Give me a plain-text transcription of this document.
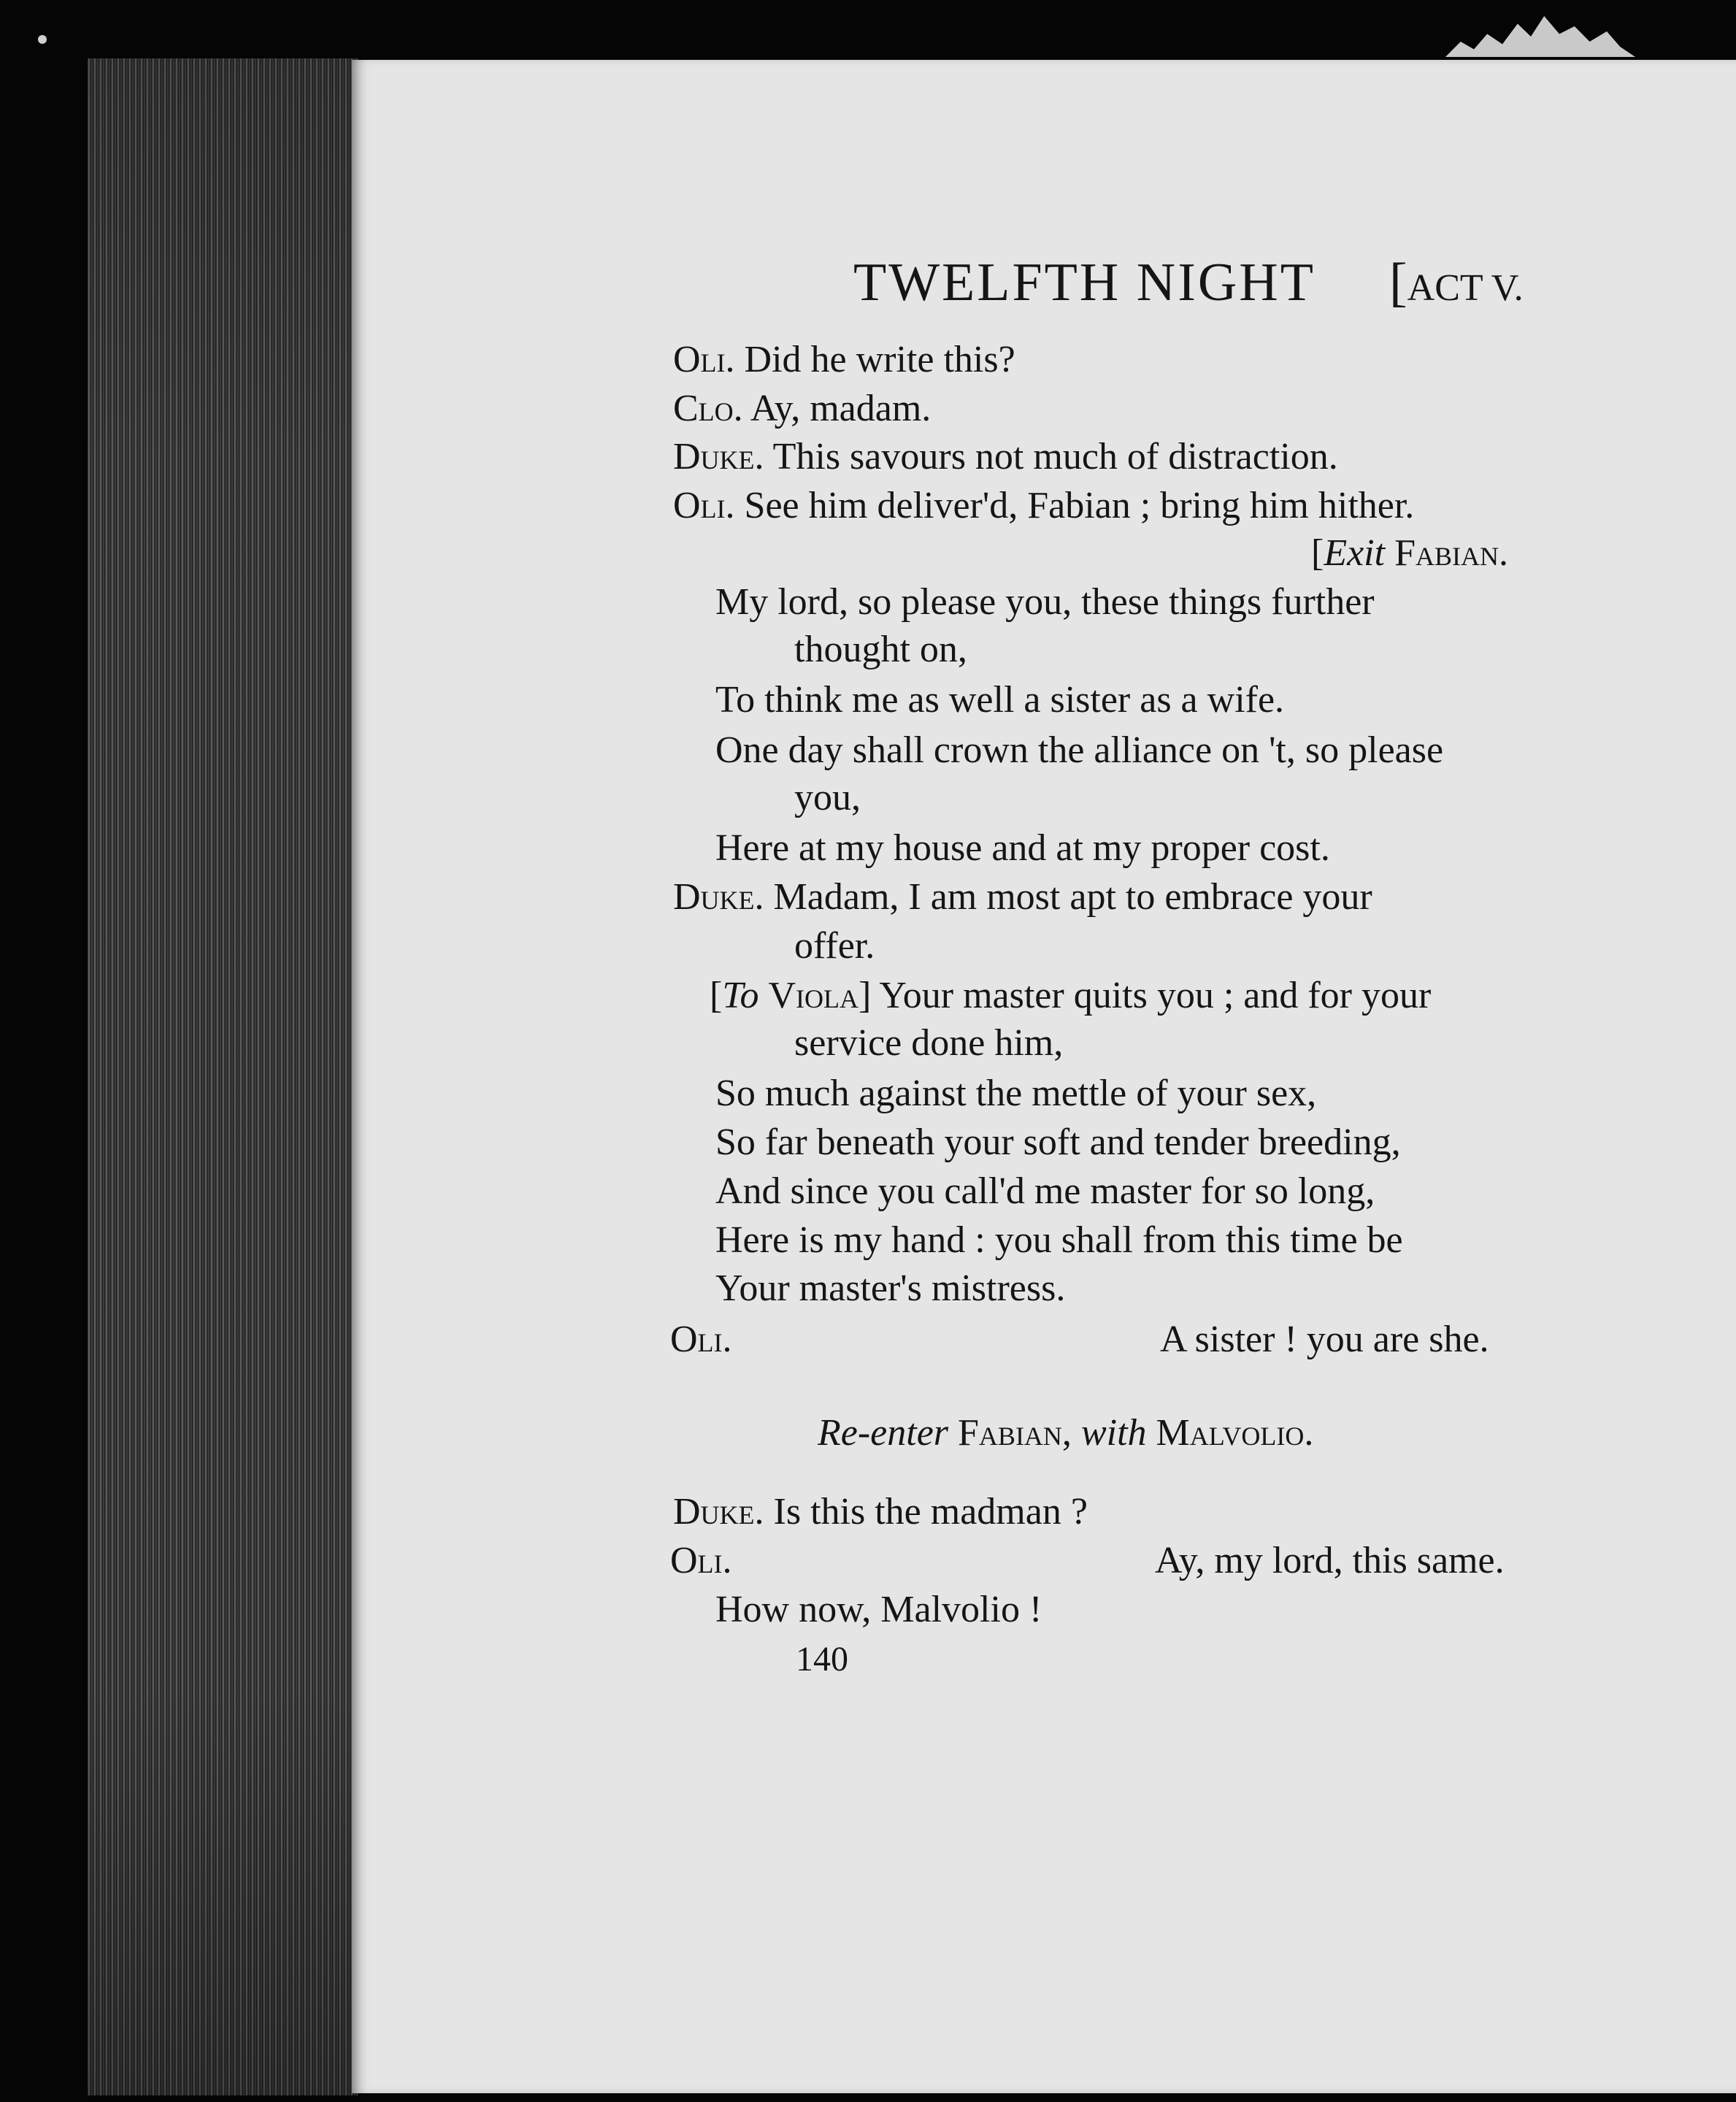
TWELFTH NIGHT [ACT V.
Oli. Did he write this?
Clo. Ay, madam.
Duke. This savours not much of distraction.
Oli. See him deliver'd, Fabian ; bring him hither.
[Exit Fabian.
My lord, so please you, these things further
thought on,
To think me as well a sister as a wife.
One day shall crown the alliance on 't, so please
you,
Here at my house and at my proper cost.
Duke. Madam, I am most apt to embrace your
offer.
[To Viola] Your master quits you ; and for your
service done him,
So much against the mettle of your sex,
So far beneath your soft and tender breeding,
And since you call'd me master for so long,
Here is my hand : you shall from this time be
Your master's mistress.
Oli.	A sister ! you are she.
Re-enter Fabian, with Malvolio.
Duke. Is this the madman ?
Oli.	Ay, my lord, this same.
How now, Malvolio !
140
